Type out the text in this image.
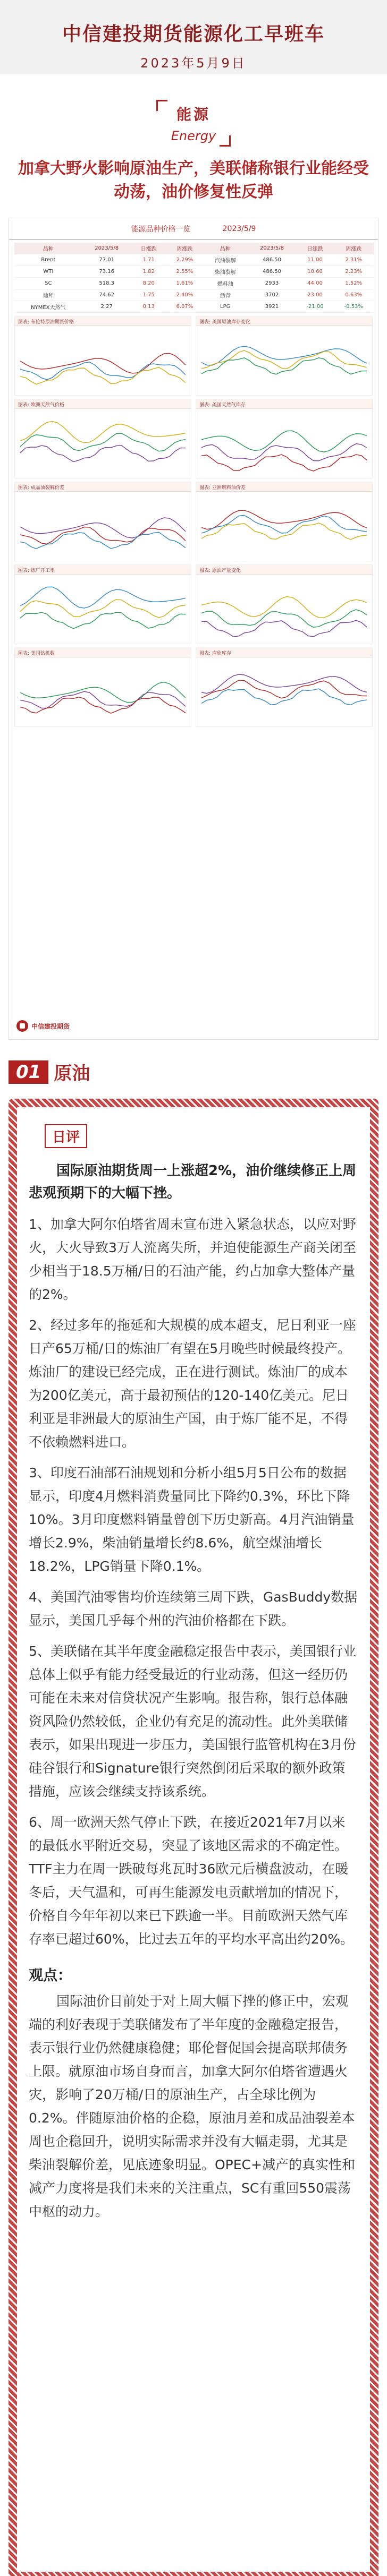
中信建投期货能源化工早班车
2023年5月9日
能源
Energy
加拿大野火影响原油生产，美联储称银行业能经受动荡，油价修复性反弹
能源品种价格一览	2023/5/9
品种	2023/5/8	日涨跌	周涨跌	品种	2023/5/8	日涨跌	周涨跌
Brent	77.01	1.71	2.29%	汽油裂解	486.50	11.00	2.31%
WTI	73.16	1.82	2.55%	柴油裂解	486.50	10.60	2.23%
SC	518.3	8.20	1.61%	燃料油	2933	44.00	1.52%
迪拜	74.62	1.75	2.40%	沥青	3702	23.00	0.63%
NYMEX天然气	2.27	0.13	6.07%	LPG	3921	-21.00	-0.53%
图表: 布伦特原油期货价格	图表: 美国原油库存变化
图表: 欧洲天然气价格	图表: 美国天然气库存
图表: 成品油裂解价差	图表: 亚洲燃料油价差
图表: 炼厂开工率	图表: 原油产量变化
图表: 美国钻机数	图表: 库欣库存
中信建投期货
01 原油
日评
国际原油期货周一上涨超2%，油价继续修正上周悲观预期下的大幅下挫。
1、加拿大阿尔伯塔省周末宣布进入紧急状态，以应对野火，大火导致3万人流离失所，并迫使能源生产商关闭至少相当于18.5万桶/日的石油产能，约占加拿大整体产量的2%。
2、经过多年的拖延和大规模的成本超支，尼日利亚一座日产65万桶/日的炼油厂有望在5月晚些时候最终投产。炼油厂的建设已经完成，正在进行测试。炼油厂的成本为200亿美元，高于最初预估的120-140亿美元。尼日利亚是非洲最大的原油生产国，由于炼厂能不足，不得不依赖燃料进口。
3、印度石油部石油规划和分析小组5月5日公布的数据显示，印度4月燃料消费量同比下降约0.3%，环比下降10%。3月印度燃料销量曾创下历史新高。4月汽油销量增长2.9%，柴油销量增长约8.6%，航空煤油增长18.2%，LPG销量下降0.1%。
4、美国汽油零售均价连续第三周下跌，GasBuddy数据显示，美国几乎每个州的汽油价格都在下跌。
5、美联储在其半年度金融稳定报告中表示，美国银行业总体上似乎有能力经受最近的行业动荡，但这一经历仍可能在未来对信贷状况产生影响。报告称，银行总体融资风险仍然较低，企业仍有充足的流动性。此外美联储表示，如果出现进一步压力，美国银行监管机构在3月份硅谷银行和Signature银行突然倒闭后采取的额外政策措施，应该会继续支持该系统。
6、周一欧洲天然气停止下跌，在接近2021年7月以来的最低水平附近交易，突显了该地区需求的不确定性。TTF主力在周一跌破每兆瓦时36欧元后横盘波动，在暖冬后，天气温和，可再生能源发电贡献增加的情况下，价格自今年年初以来已下跌逾一半。目前欧洲天然气库存率已超过60%，比过去五年的平均水平高出约20%。
观点：
国际油价目前处于对上周大幅下挫的修正中，宏观端的利好表现于美联储发布了半年度的金融稳定报告，表示银行业仍然健康稳健；耶伦督促国会提高联邦债务上限。就原油市场自身而言，加拿大阿尔伯塔省遭遇火灾，影响了20万桶/日的原油生产，占全球比例为0.2%。伴随原油价格的企稳，原油月差和成品油裂差本周也企稳回升，说明实际需求并没有大幅走弱，尤其是柴油裂解价差，见底迹象明显。OPEC+减产的真实性和减产力度将是我们未来的关注重点，SC有重回550震荡中枢的动力。
